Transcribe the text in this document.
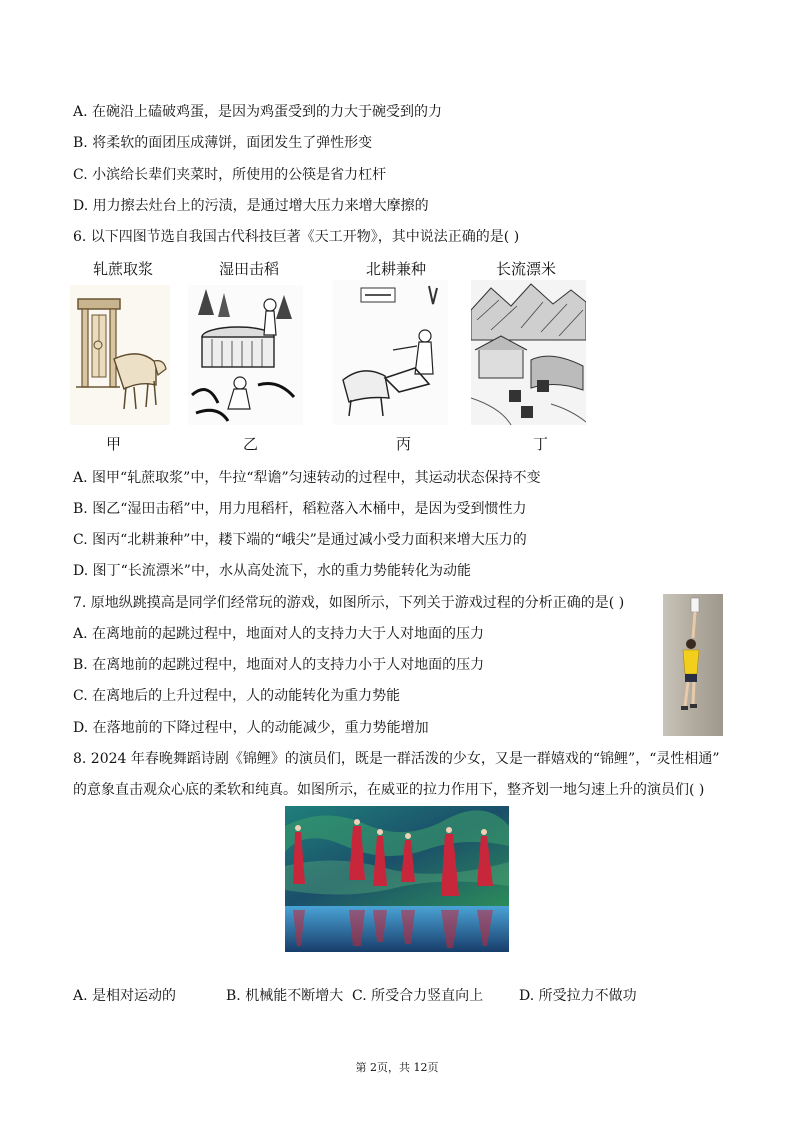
A. 在碗沿上磕破鸡蛋，是因为鸡蛋受到的力大于碗受到的力
B. 将柔软的面团压成薄饼，面团发生了弹性形变
C. 小滨给长辈们夹菜时，所使用的公筷是省力杠杆
D. 用力擦去灶台上的污渍，是通过增大压力来增大摩擦的
6. 以下四图节选自我国古代科技巨著《天工开物》，其中说法正确的是( )
轧蔗取浆	湿田击稻	北耕兼种	长流漂米
甲	乙	丙	丁
A. 图甲“轧蔗取浆”中，牛拉“犁谵”匀速转动的过程中，其运动状态保持不变
B. 图乙“湿田击稻”中，用力甩稻杆，稻粒落入木桶中，是因为受到惯性力
C. 图丙“北耕兼种”中，耧下端的“峨尖”是通过减小受力面积来增大压力的
D. 图丁“长流漂米”中，水从高处流下，水的重力势能转化为动能
7. 原地纵跳摸高是同学们经常玩的游戏，如图所示，下列关于游戏过程的分析正确的是( )
A. 在离地前的起跳过程中，地面对人的支持力大于人对地面的压力
B. 在离地前的起跳过程中，地面对人的支持力小于人对地面的压力
C. 在离地后的上升过程中，人的动能转化为重力势能
D. 在落地前的下降过程中，人的动能减少，重力势能增加
8. 2024 年春晚舞蹈诗剧《锦鲤》的演员们，既是一群活泼的少女，又是一群嬉戏的“锦鲤”，“灵性相通”
的意象直击观众心底的柔软和纯真。如图所示，在威亚的拉力作用下，整齐划一地匀速上升的演员们( )
A. 是相对运动的	B. 机械能不断增大 C. 所受合力竖直向上	D. 所受拉力不做功
第 2页，共 12页
